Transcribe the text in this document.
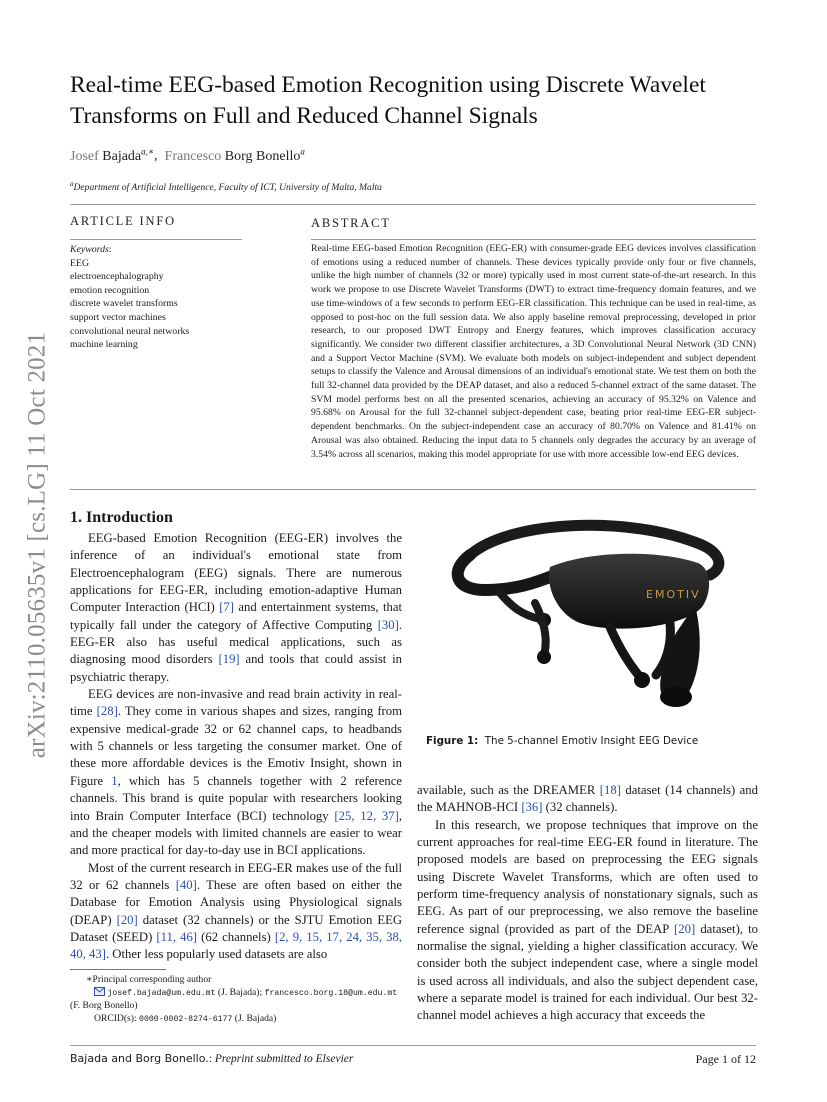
arXiv:2110.05635v1 [cs.LG] 11 Oct 2021
Real-time EEG-based Emotion Recognition using Discrete Wavelet Transforms on Full and Reduced Channel Signals
Josef Bajada$^{a,∗}$,  Francesco Borg Bonello$^a$
$^a$Department of Artificial Intelligence, Faculty of ICT, University of Malta, Malta
ARTICLE INFO
Keywords:
EEG
electroencephalography
emotion recognition
discrete wavelet transforms
support vector machines
convolutional neural networks
machine learning
ABSTRACT
Real-time EEG-based Emotion Recognition (EEG-ER) with consumer-grade EEG devices involves classification of emotions using a reduced number of channels. These devices typically provide only four or five channels, unlike the high number of channels (32 or more) typically used in most current state-of-the-art research. In this work we propose to use Discrete Wavelet Transforms (DWT) to extract time-frequency domain features, and we use time-windows of a few seconds to perform EEG-ER classification. This technique can be used in real-time, as opposed to post-hoc on the full session data. We also apply baseline removal preprocessing, developed in prior research, to our proposed DWT Entropy and Energy features, which improves classification accuracy significantly. We consider two different classifier architectures, a 3D Convolutional Neural Network (3D CNN) and a Support Vector Machine (SVM). We evaluate both models on subject-independent and subject dependent setups to classify the Valence and Arousal dimensions of an individual's emotional state. We test them on both the full 32-channel data provided by the DEAP dataset, and also a reduced 5-channel extract of the same dataset. The SVM model performs best on all the presented scenarios, achieving an accuracy of 95.32% on Valence and 95.68% on Arousal for the full 32-channel subject-dependent case, beating prior real-time EEG-ER subject-dependent benchmarks. On the subject-independent case an accuracy of 80.70% on Valence and 81.41% on Arousal was also obtained. Reducing the input data to 5 channels only degrades the accuracy by an average of 3.54% across all scenarios, making this model appropriate for use with more accessible low-end EEG devices.
1. Introduction

EEG-based Emotion Recognition (EEG-ER) involves the inference of an individual's emotional state from Electroencephalogram (EEG) signals. There are numerous applications for EEG-ER, including emotion-adaptive Human Computer Interaction (HCI) [7] and entertainment systems, that typically fall under the category of Affective Computing [30]. EEG-ER also has useful medical applications, such as diagnosing mood disorders [19] and tools that could assist in psychiatric therapy.

EEG devices are non-invasive and read brain activity in real-time [28]. They come in various shapes and sizes, ranging from expensive medical-grade 32 or 62 channel caps, to headbands with 5 channels or less targeting the consumer market. One of these more affordable devices is the Emotiv Insight, shown in Figure 1, which has 5 channels together with 2 reference channels. This brand is quite popular with researchers looking into Brain Computer Interface (BCI) technology [25, 12, 37], and the cheaper models with limited channels are easier to wear and more practical for day-to-day use in BCI applications.

Most of the current research in EEG-ER makes use of the full 32 or 62 channels [40]. These are often based on either the Database for Emotion Analysis using Physiological signals (DEAP) [20] dataset (32 channels) or the SJTU Emotion EEG Dataset (SEED) [11, 46] (62 channels) [2, 9, 15, 17, 24, 35, 38, 40, 43]. Other less popularly used datasets are also

EMOTIV
Figure 1: The 5-channel Emotiv Insight EEG Device

available, such as the DREAMER [18] dataset (14 channels) and the MAHNOB-HCI [36] (32 channels).

In this research, we propose techniques that improve on the current approaches for real-time EEG-ER found in literature. The proposed models are based on preprocessing the EEG signals using Discrete Wavelet Transforms, which are often used to perform time-frequency analysis of nonstationary signals, such as EEG. As part of our preprocessing, we also remove the baseline reference signal (provided as part of the DEAP [20] dataset), to normalise the signal, yielding a higher classification accuracy. We consider both the subject independent case, where a single model is used across all individuals, and also the subject dependent case, where a separate model is trained for each individual. Our best 32-channel model achieves a high accuracy that exceeds the

∗Principal corresponding author
josef.bajada@um.edu.mt (J. Bajada); francesco.borg.18@um.edu.mt
(F. Borg Bonello)
ORCID(s): 0000-0002-8274-6177 (J. Bajada)
Bajada and Borg Bonello.: Preprint submitted to Elsevier	Page 1 of 12
